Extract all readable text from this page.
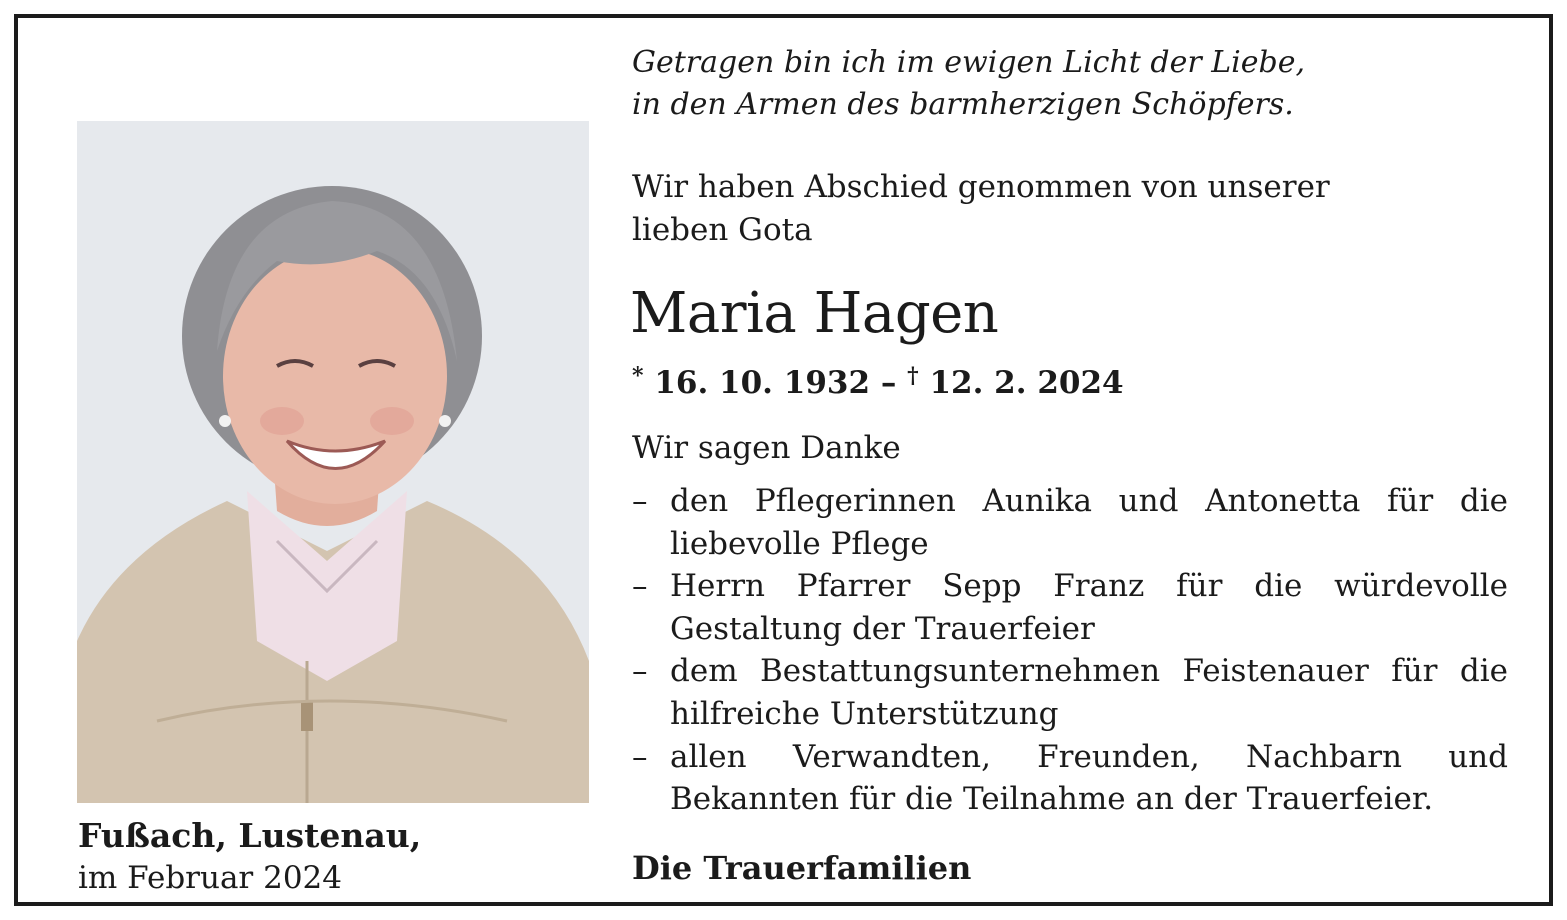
Fußach, Lustenau,
im Februar 2024
Getragen bin ich im ewigen Licht der Liebe,
in den Armen des barmherzigen Schöpfers.
Wir haben Abschied genommen von unserer
lieben Gota
Maria Hagen
* 16. 10. 1932 – † 12. 2. 2024
Wir sagen Danke
– den Pflegerinnen Aunika und Antonetta für die liebevolle Pflege
– Herrn Pfarrer Sepp Franz für die würdevolle Gestaltung der Trauerfeier
– dem Bestattungsunternehmen Feistenauer für die hilfreiche Unterstützung
– allen Verwandten, Freunden, Nachbarn und Bekannten für die Teilnahme an der Trauerfeier.
Die Trauerfamilien
